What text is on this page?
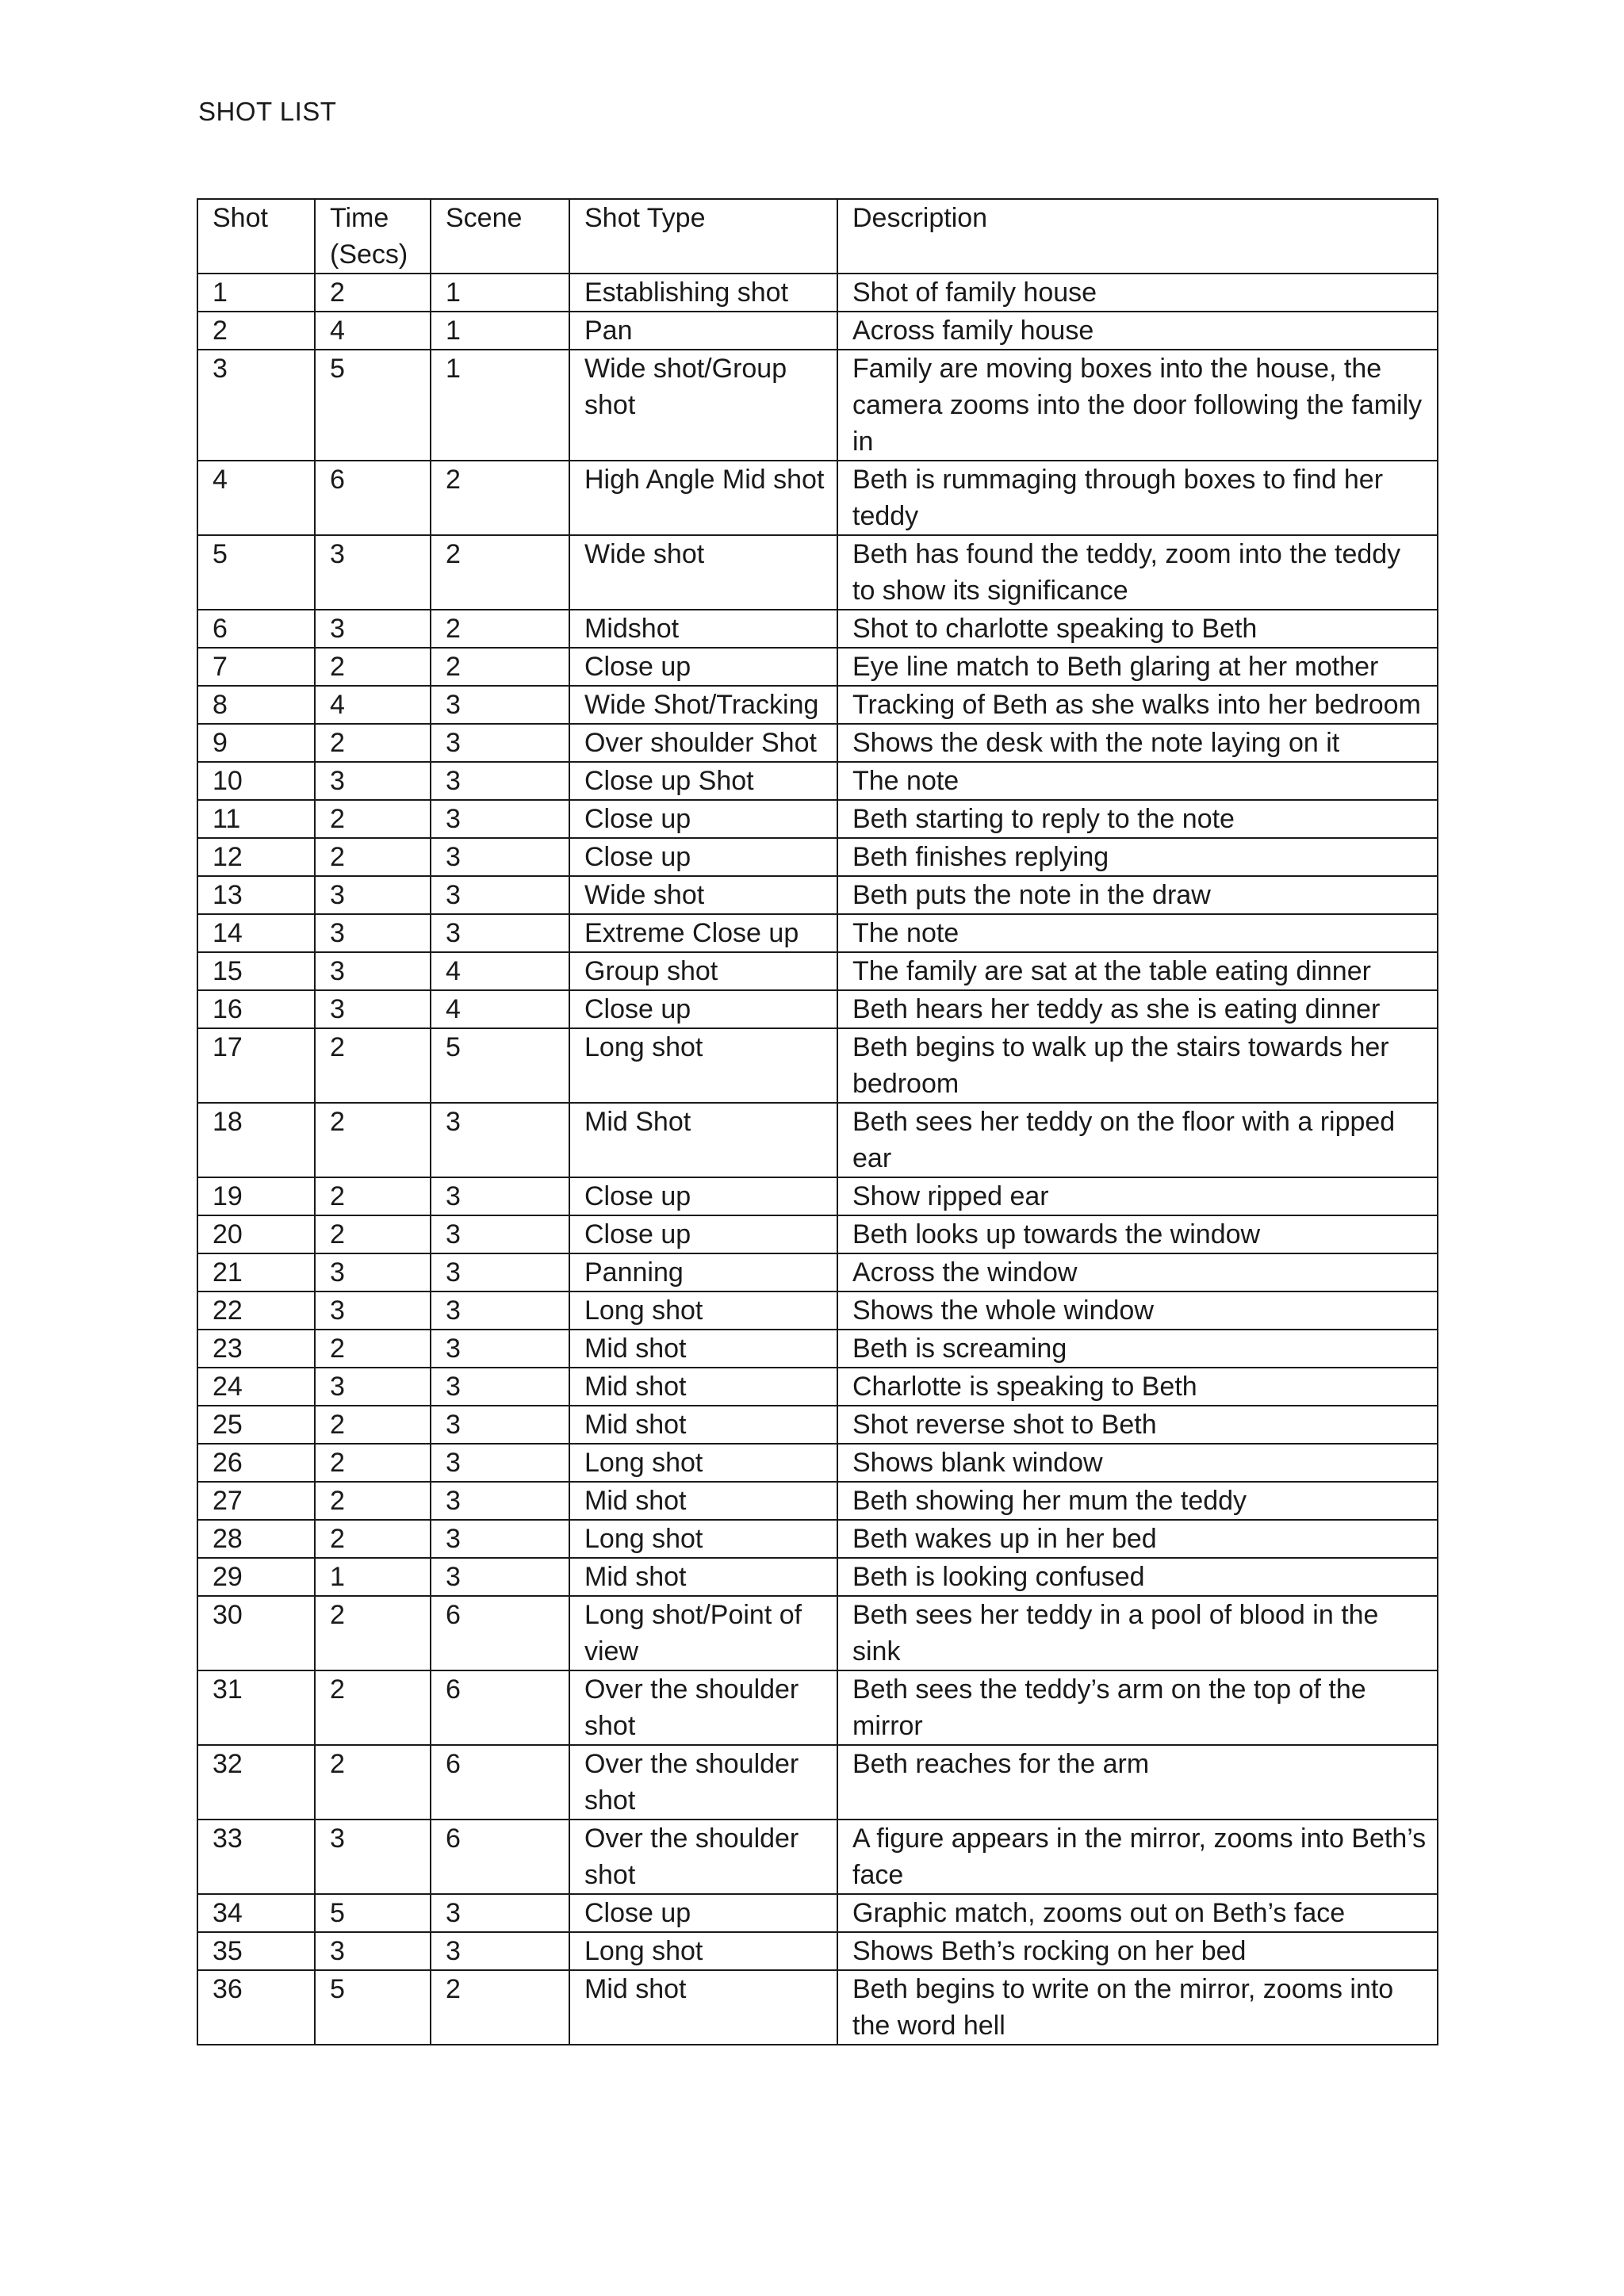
SHOT LIST
Shot	Time (Secs)	Scene	Shot Type	Description

1	2	1	Establishing shot	Shot of family house
2	4	1	Pan	Across family house
3	5	1	Wide shot/Group shot	Family are moving boxes into the house, the camera zooms into the door following the family in
4	6	2	High Angle Mid shot	Beth is rummaging through boxes to find her teddy
5	3	2	Wide shot	Beth has found the teddy, zoom into the teddy to show its significance
6	3	2	Midshot	Shot to charlotte speaking to Beth
7	2	2	Close up	Eye line match to Beth glaring at her mother
8	4	3	Wide Shot/Tracking	Tracking of Beth as she walks into her bedroom
9	2	3	Over shoulder Shot	Shows the desk with the note laying on it
10	3	3	Close up Shot	The note
11	2	3	Close up	Beth starting to reply to the note
12	2	3	Close up	Beth finishes replying
13	3	3	Wide shot	Beth puts the note in the draw
14	3	3	Extreme Close up	The note
15	3	4	Group shot	The family are sat at the table eating dinner
16	3	4	Close up	Beth hears her teddy as she is eating dinner
17	2	5	Long shot	Beth begins to walk up the stairs towards her bedroom
18	2	3	Mid Shot	Beth sees her teddy on the floor with a ripped ear
19	2	3	Close up	Show ripped ear
20	2	3	Close up	Beth looks up towards the window
21	3	3	Panning	Across the window
22	3	3	Long shot	Shows the whole window
23	2	3	Mid shot	Beth is screaming
24	3	3	Mid shot	Charlotte is speaking to Beth
25	2	3	Mid shot	Shot reverse shot to Beth
26	2	3	Long shot	Shows blank window
27	2	3	Mid shot	Beth showing her mum the teddy
28	2	3	Long shot	Beth wakes up in her bed
29	1	3	Mid shot	Beth is looking confused
30	2	6	Long shot/Point of view	Beth sees her teddy in a pool of blood in the sink
31	2	6	Over the shoulder shot	Beth sees the teddy’s arm on the top of the mirror
32	2	6	Over the shoulder shot	Beth reaches for the arm
33	3	6	Over the shoulder shot	A figure appears in the mirror, zooms into Beth’s face
34	5	3	Close up	Graphic match, zooms out on Beth’s face
35	3	3	Long shot	Shows Beth’s rocking on her bed
36	5	2	Mid shot	Beth begins to write on the mirror, zooms into the word hell
